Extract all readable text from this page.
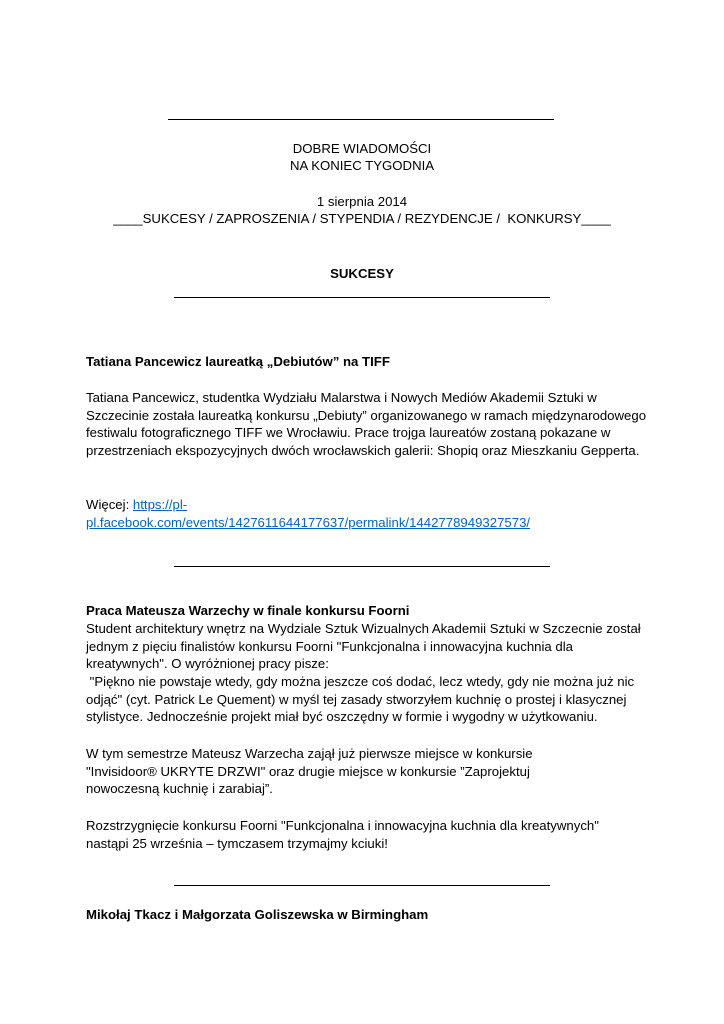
DOBRE WIADOMOŚCI
NA KONIEC TYGODNIA
1 sierpnia 2014
____SUKCESY / ZAPROSZENIA / STYPENDIA / REZYDENCJE /  KONKURSY____
SUKCESY
Tatiana Pancewicz laureatką „Debiutów” na TIFF
Tatiana Pancewicz, studentka Wydziału Malarstwa i Nowych Mediów Akademii Sztuki w Szczecinie została laureatką konkursu „Debiuty” organizowanego w ramach międzynarodowego festiwalu fotograficznego TIFF we Wrocławiu. Prace trojga laureatów zostaną pokazane w przestrzeniach ekspozycyjnych dwóch wrocławskich galerii: Shopiq oraz Mieszkaniu Gepperta.
Więcej: https://pl-
pl.facebook.com/events/1427611644177637/permalink/1442778949327573/
Praca Mateusza Warzechy w finale konkursu Foorni
Student architektury wnętrz na Wydziale Sztuk Wizualnych Akademii Sztuki w Szczecnie został jednym z pięciu finalistów konkursu Foorni "Funkcjonalna i innowacyjna kuchnia dla kreatywnych". O wyróżnionej pracy pisze:
"Piękno nie powstaje wtedy, gdy można jeszcze coś dodać, lecz wtedy, gdy nie można już nic odjąć" (cyt. Patrick Le Quement) w myśl tej zasady stworzyłem kuchnię o prostej i klasycznej stylistyce. Jednocześnie projekt miał być oszczędny w formie i wygodny w użytkowaniu.
W tym semestrze Mateusz Warzecha zajął już pierwsze miejsce w konkursie "Invisidoor® UKRYTE DRZWI" oraz drugie miejsce w konkursie ”Zaprojektuj nowoczesną kuchnię i zarabiaj”.
Rozstrzygnięcie konkursu Foorni "Funkcjonalna i innowacyjna kuchnia dla kreatywnych" nastąpi 25 września – tymczasem trzymajmy kciuki!
Mikołaj Tkacz i Małgorzata Goliszewska w Birmingham
